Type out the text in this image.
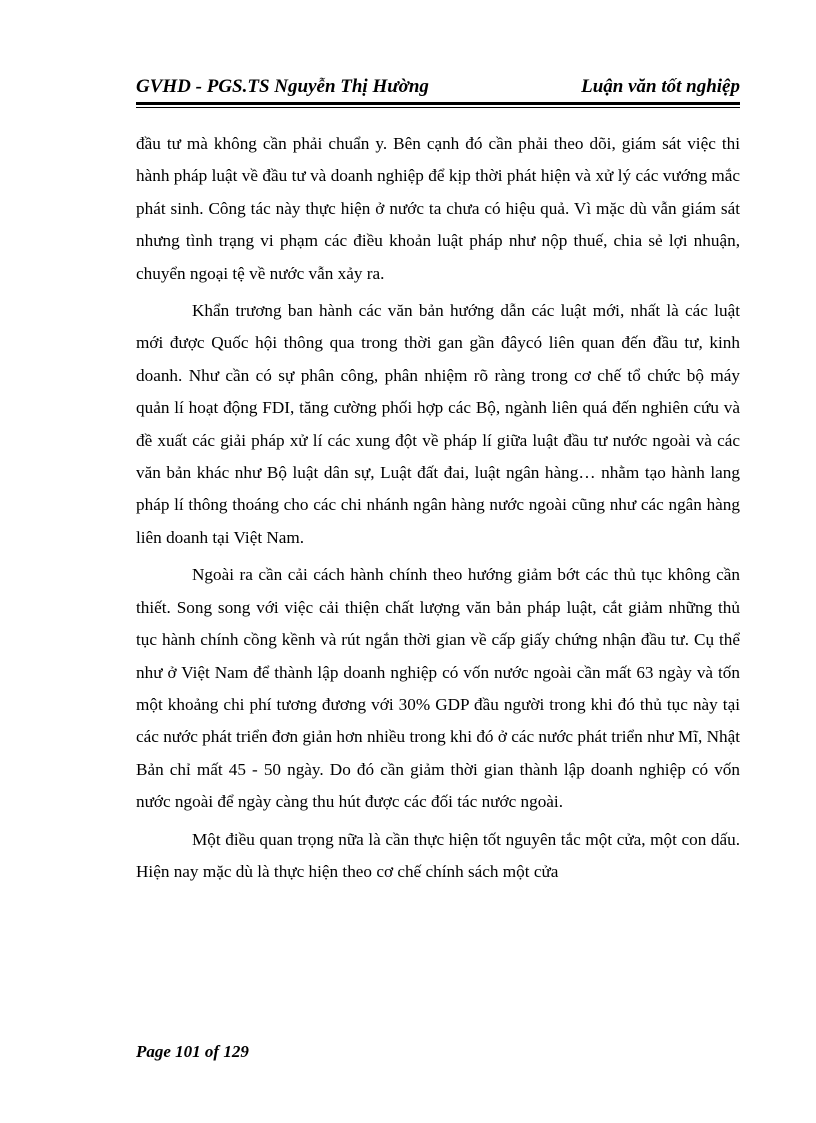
GVHD - PGS.TS Nguyễn Thị Hường	Luận văn tốt nghiệp

đầu tư mà không cần phải chuẩn y. Bên cạnh đó cần phải theo dõi, giám sát việc thi hành pháp luật về đầu tư và doanh nghiệp để kịp thời phát hiện và xử lý các vướng mắc phát sinh. Công tác này thực hiện ở nước ta chưa có hiệu quả. Vì mặc dù vẫn giám sát nhưng tình trạng vi phạm các điều khoản luật pháp như nộp thuế, chia sẻ lợi nhuận, chuyển ngoại tệ về nước vẫn xảy ra.

Khẩn trương ban hành các văn bản hướng dẫn các luật mới, nhất là các luật mới được Quốc hội thông qua trong thời gan gần đâycó liên quan đến đầu tư, kinh doanh. Như cần có sự phân công, phân nhiệm rõ ràng trong cơ chế tổ chức bộ máy quản lí hoạt động FDI, tăng cường phối hợp các Bộ, ngành liên quá đến nghiên cứu và đề xuất các giải pháp xử lí các xung đột về pháp lí giữa luật đầu tư nước ngoài và các văn bản khác như Bộ luật dân sự, Luật đất đai, luật ngân hàng… nhằm tạo hành lang pháp lí thông thoáng cho các chi nhánh ngân hàng nước ngoài cũng như các ngân hàng liên doanh tại Việt Nam.

Ngoài ra cần cải cách hành chính theo hướng giảm bớt các thủ tục không cần thiết. Song song với việc cải thiện chất lượng văn bản pháp luật, cắt giảm những thủ tục hành chính cồng kềnh và rút ngắn thời gian về cấp giấy chứng nhận đầu tư. Cụ thể như ở Việt Nam để thành lập doanh nghiệp có vốn nước ngoài cần mất 63 ngày và tốn một khoảng chi phí tương đương với 30% GDP đầu người trong khi đó thủ tục này tại các nước phát triển đơn giản hơn nhiều trong khi đó ở các nước phát triển như Mĩ, Nhật Bản chỉ mất 45 - 50 ngày. Do đó cần giảm thời gian thành lập doanh nghiệp có vốn nước ngoài để ngày càng thu hút được các đối tác nước ngoài.

Một điều quan trọng nữa là cần thực hiện tốt nguyên tắc một cửa, một con dấu. Hiện nay mặc dù là thực hiện theo cơ chế chính sách một cửa

Page 101 of 129
